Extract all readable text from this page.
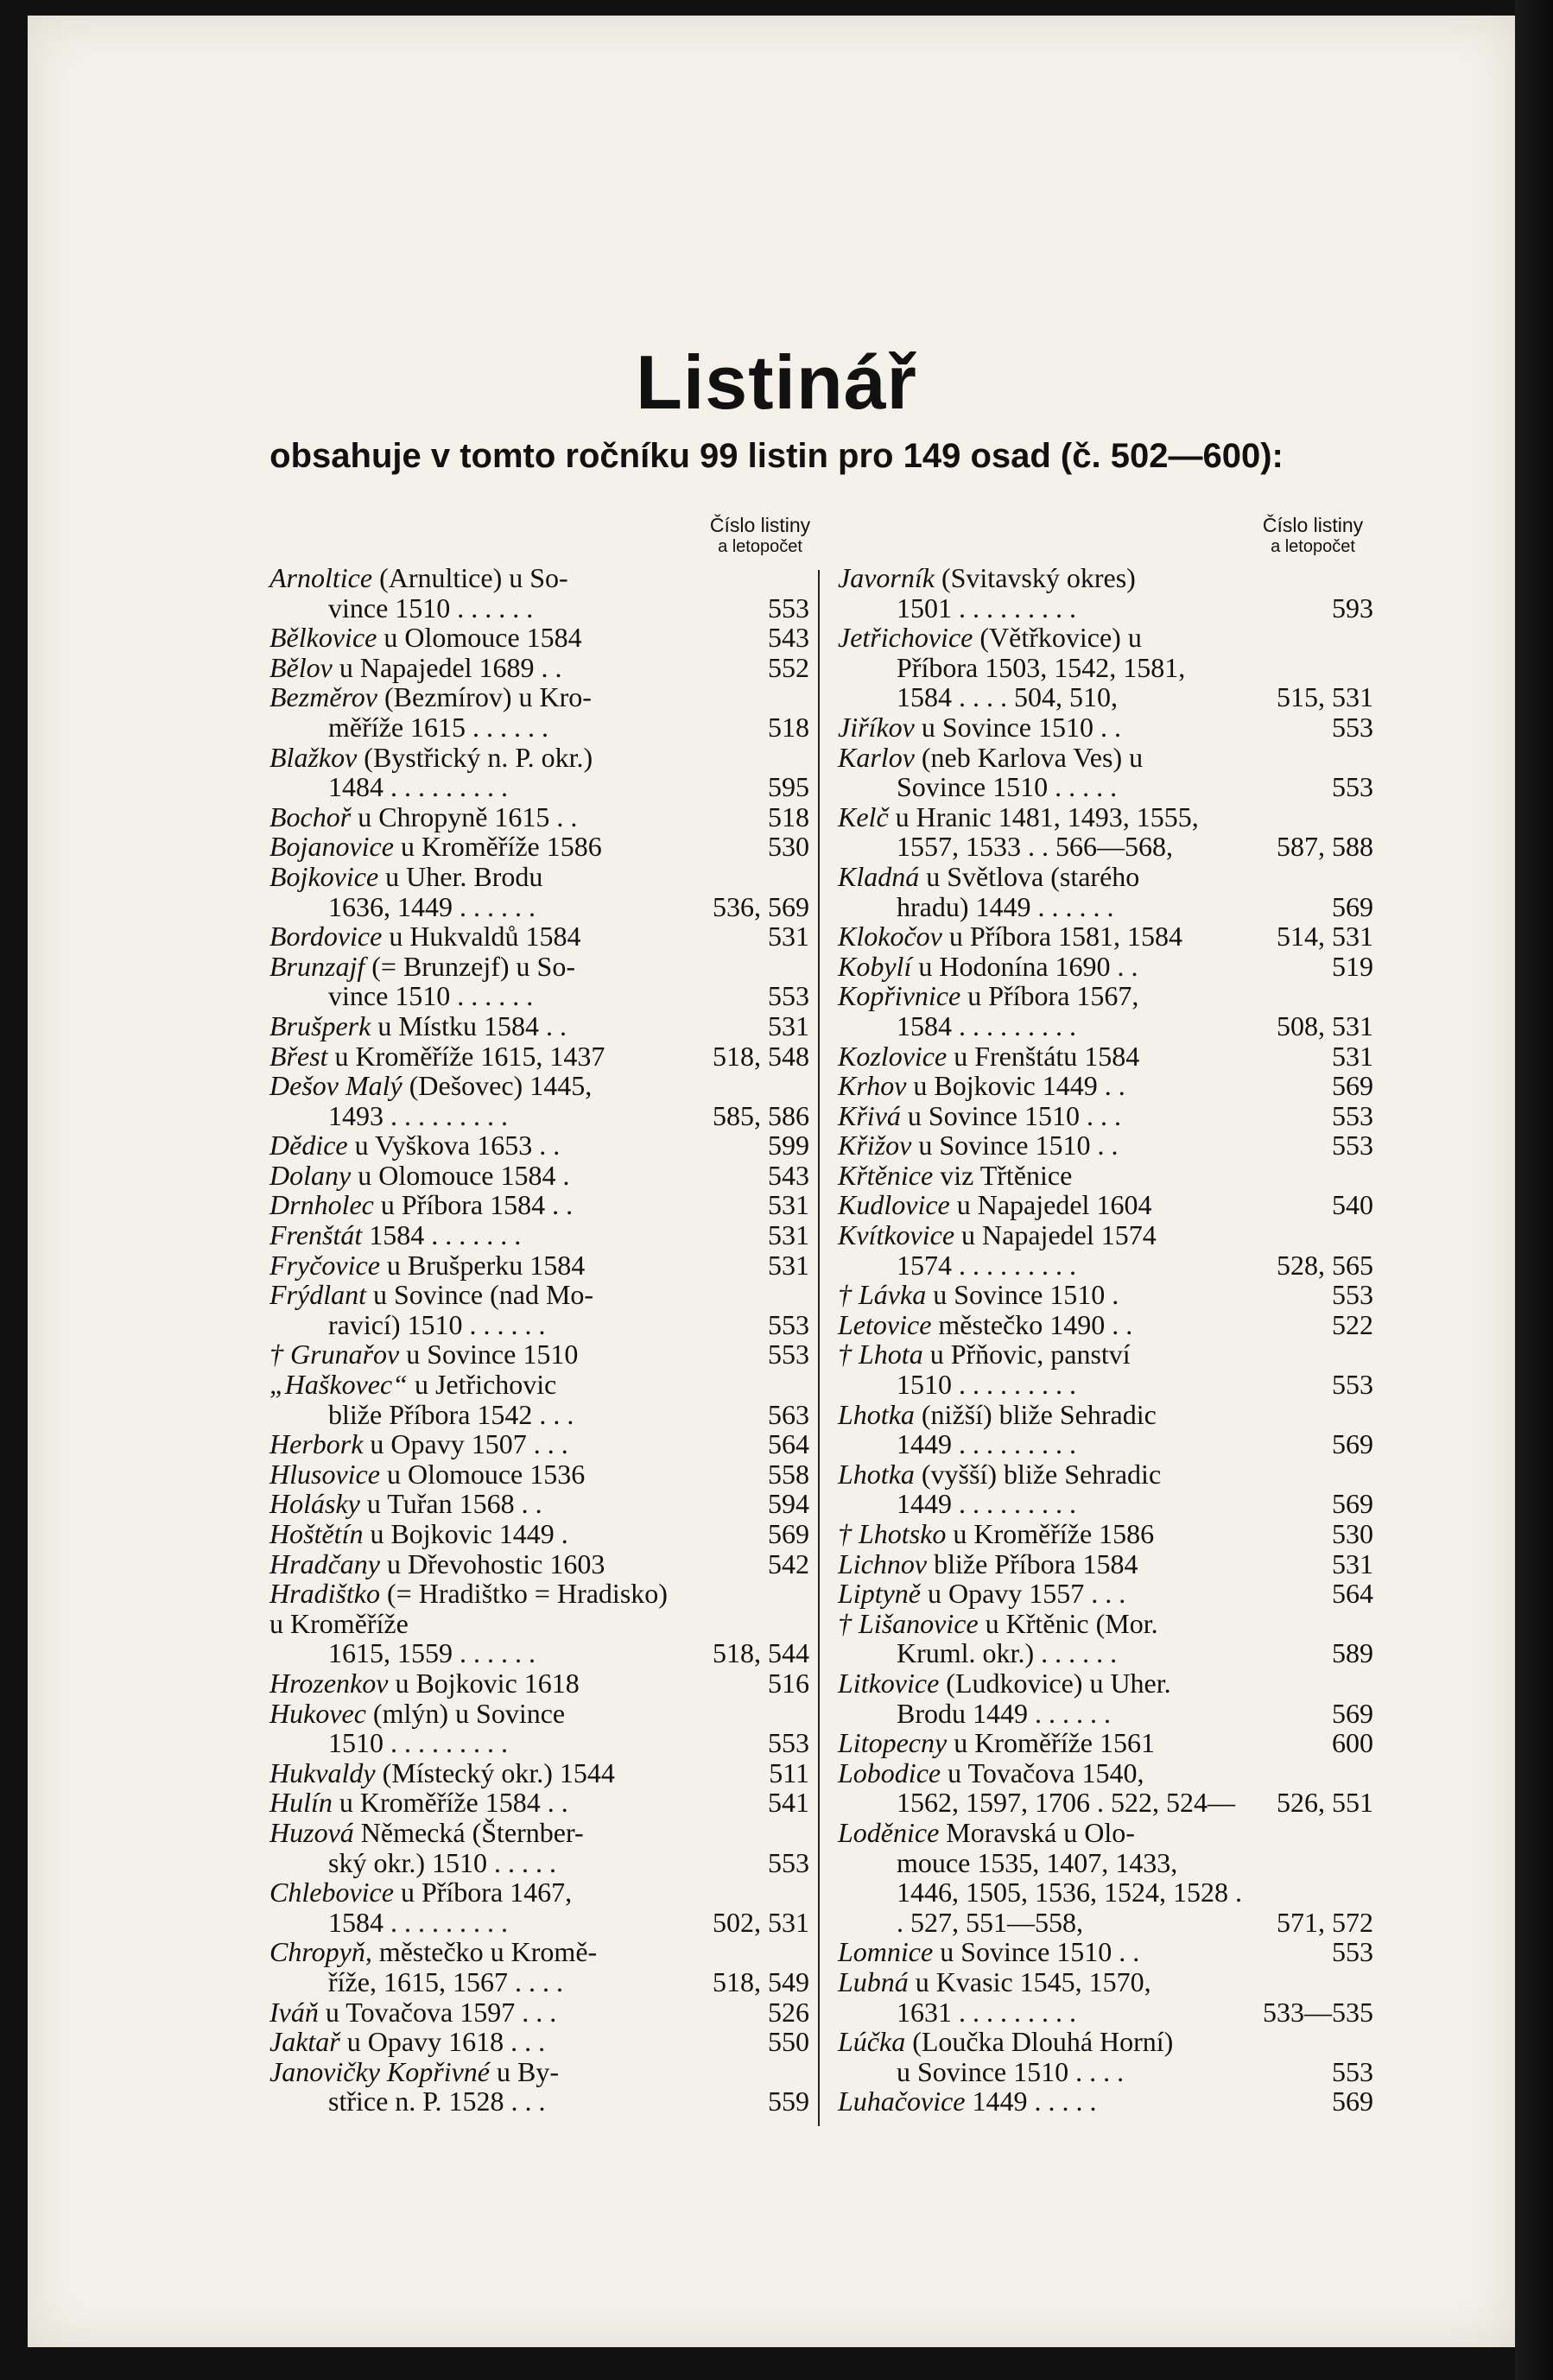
Listinář
obsahuje v tomto ročníku 99 listin pro 149 osad (č. 502—600):
Číslo listiny
a letopočet
Číslo listiny
a letopočet
Arnoltice (Arnultice) u So-
vince 1510 . . . . . .	553
Bělkovice u Olomouce 1584	543
Bělov u Napajedel 1689 . .	552
Bezměrov (Bezmírov) u Kro-
měříže 1615 . . . . . .	518
Blažkov (Bystřický n. P. okr.)
1484 . . . . . . . . .	595
Bochoř u Chropyně 1615 . .	518
Bojanovice u Kroměříže 1586	530
Bojkovice u Uher. Brodu
1636, 1449 . . . . . .	536, 569
Bordovice u Hukvaldů 1584	531
Brunzajf (= Brunzejf) u So-
vince 1510 . . . . . .	553
Brušperk u Místku 1584 . .	531
Břest u Kroměříže 1615, 1437	518, 548
Dešov Malý (Dešovec) 1445,
1493 . . . . . . . . .	585, 586
Dědice u Vyškova 1653 . .	599
Dolany u Olomouce 1584 .	543
Drnholec u Příbora 1584 . .	531
Frenštát 1584 . . . . . . .	531
Fryčovice u Brušperku 1584	531
Frýdlant u Sovince (nad Mo-
ravicí) 1510 . . . . . .	553
† Grunařov u Sovince 1510	553
„Haškovec“ u Jetřichovic
bliže Příbora 1542 . . .	563
Herbork u Opavy 1507 . . .	564
Hlusovice u Olomouce 1536	558
Holásky u Tuřan 1568 . .	594
Hoštětín u Bojkovic 1449 .	569
Hradčany u Dřevohostic 1603	542
Hradištko (= Hradištko = Hradisko) u Kroměříže
1615, 1559 . . . . . .	518, 544
Hrozenkov u Bojkovic 1618	516
Hukovec (mlýn) u Sovince
1510 . . . . . . . . .	553
Hukvaldy (Místecký okr.) 1544	511
Hulín u Kroměříže 1584 . .	541
Huzová Německá (Šternber-
ský okr.) 1510 . . . . .	553
Chlebovice u Příbora 1467,
1584 . . . . . . . . .	502, 531
Chropyň, městečko u Kromě-
říže, 1615, 1567 . . . .	518, 549
Iváň u Tovačova 1597 . . .	526
Jaktař u Opavy 1618 . . .	550
Janovičky Kopřivné u By-
střice n. P. 1528 . . .	559
Javorník (Svitavský okres)
1501 . . . . . . . . .	593
Jetřichovice (Větřkovice) u
Příbora 1503, 1542, 1581, 1584 . . . . 504, 510,	515, 531
Jiříkov u Sovince 1510 . .	553
Karlov (neb Karlova Ves) u
Sovince 1510 . . . . .	553
Kelč u Hranic 1481, 1493, 1555,
1557, 1533 . . 566—568,	587, 588
Kladná u Světlova (starého
hradu) 1449 . . . . . .	569
Klokočov u Příbora 1581, 1584	514, 531
Kobylí u Hodonína 1690 . .	519
Kopřivnice u Příbora 1567,
1584 . . . . . . . . .	508, 531
Kozlovice u Frenštátu 1584	531
Krhov u Bojkovic 1449 . .	569
Křivá u Sovince 1510 . . .	553
Křižov u Sovince 1510 . .	553
Křtěnice viz Třtěnice
Kudlovice u Napajedel 1604	540
Kvítkovice u Napajedel 1574
1574 . . . . . . . . .	528, 565
† Lávka u Sovince 1510 .	553
Letovice městečko 1490 . .	522
† Lhota u Přňovic, panství
1510 . . . . . . . . .	553
Lhotka (nižší) bliže Sehradic
1449 . . . . . . . . .	569
Lhotka (vyšší) bliže Sehradic
1449 . . . . . . . . .	569
† Lhotsko u Kroměříže 1586	530
Lichnov bliže Příbora 1584	531
Liptyně u Opavy 1557 . . .	564
† Lišanovice u Křtěnic (Mor.
Kruml. okr.) . . . . . .	589
Litkovice (Ludkovice) u Uher.
Brodu 1449 . . . . . .	569
Litopecny u Kroměříže 1561	600
Lobodice u Tovačova 1540,
1562, 1597, 1706 . 522, 524—	526, 551
Loděnice Moravská u Olo-
mouce 1535, 1407, 1433, 1446, 1505, 1536, 1524, 1528 . . 527, 551—558,	571, 572
Lomnice u Sovince 1510 . .	553
Lubná u Kvasic 1545, 1570,
1631 . . . . . . . . .	533—535
Lúčka (Loučka Dlouhá Horní)
u Sovince 1510 . . . .	553
Luhačovice 1449 . . . . .	569
